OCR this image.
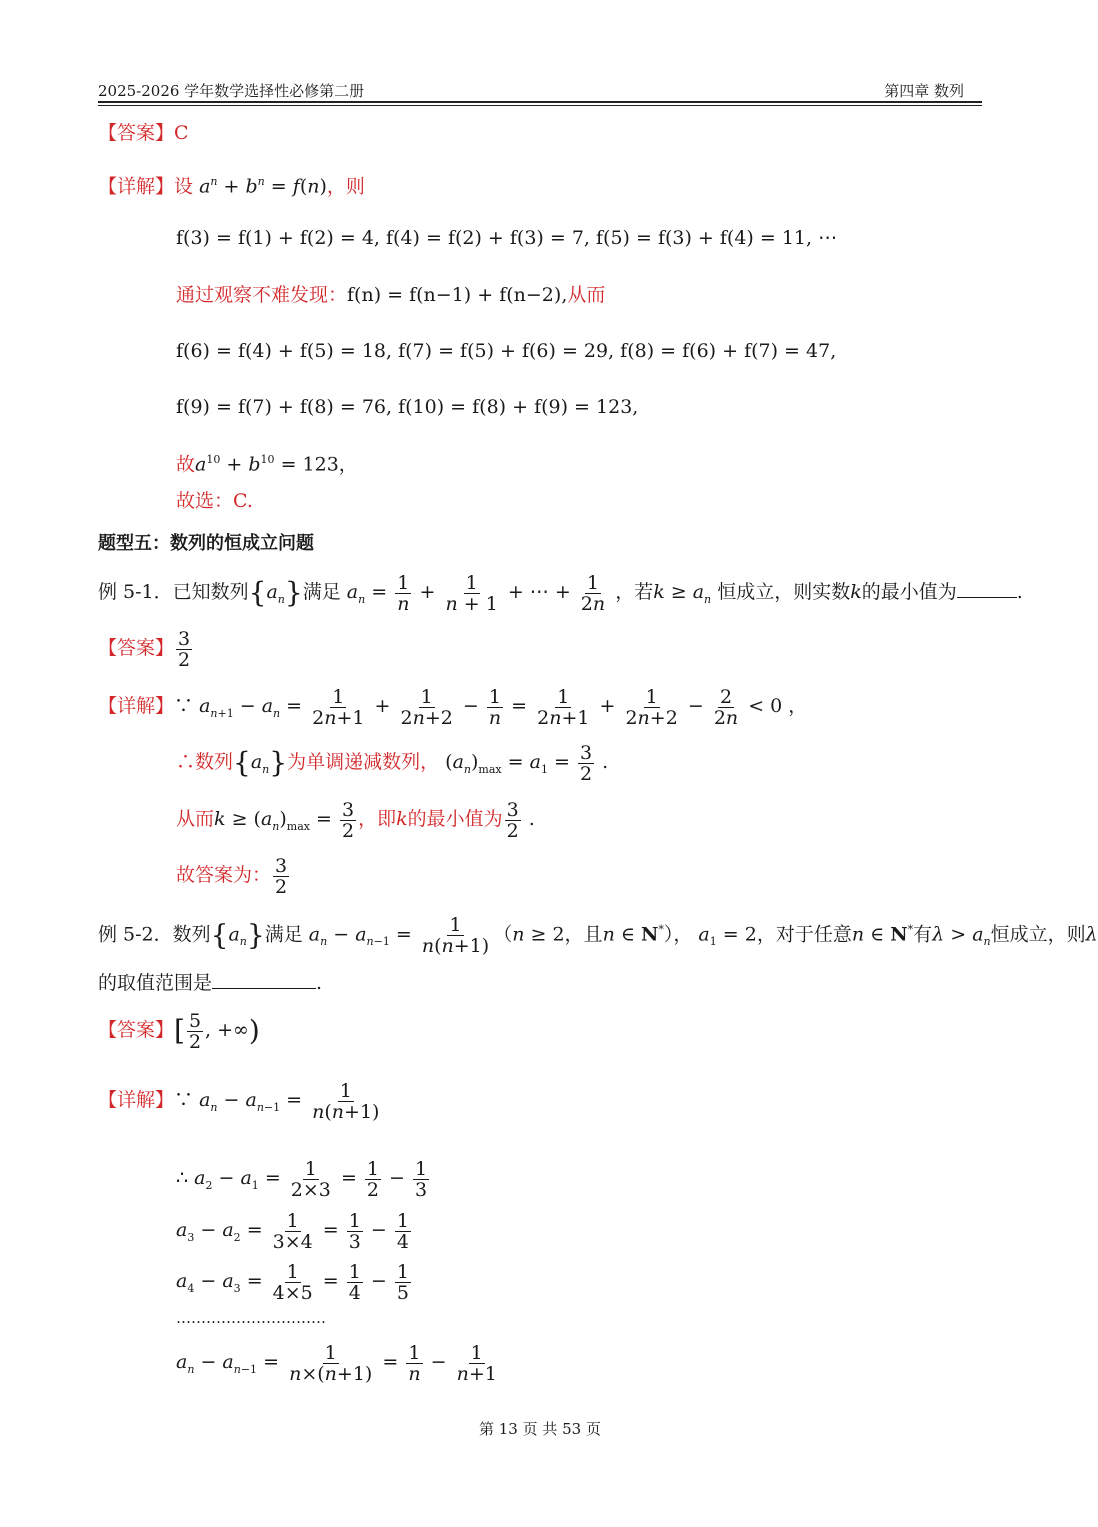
2025-2026 学年数学选择性必修第二册	第四章 数列
【答案】C
【详解】设 $a^n + b^n = f(n)$，则
f(3) = f(1) + f(2) = 4, f(4) = f(2) + f(3) = 7, f(5) = f(3) + f(4) = 11, ⋯
通过观察不难发现：f(n) = f(n−1) + f(n−2),从而
f(6) = f(4) + f(5) = 18, f(7) = f(5) + f(6) = 29, f(8) = f(6) + f(7) = 47,
f(9) = f(7) + f(8) = 76, f(10) = f(8) + f(9) = 123,
故$a^{10} + b^{10} = 123$，
故选：C.
题型五：数列的恒成立问题
例 5-1．已知数列$\{a_n\}$满足 $a_n = \frac{1}{n} + \frac{1}{n + 1}$ + ⋯ + $\frac{1}{2n}$ ，若$k \ge a_n$ 恒成立，则实数k的最小值为	.
【答案】 $\frac{3}{2}$
【详解】∵ $a_{n+1} - a_n = \frac{1}{2n+1} + \frac{1}{2n+2} - \frac{1}{n} = \frac{1}{2n+1} + \frac{1}{2n+2} - \frac{2}{2n} < 0$ ，
∴数列$\{a_n\}$为单调递减数列， $(a_n)_{max} = a_1 = \frac{3}{2}$ .
从而$k \ge (a_n)_{max} = \frac{3}{2}$ ，即k的最小值为 $\frac{3}{2}$ .
故答案为： $\frac{3}{2}$
例 5-2．数列$\{a_n\}$满足 $a_n - a_{n-1} = \frac{1}{n(n+1)} (n \ge 2$，且n ∈ N*）， $a_1 = 2$，对于任意n ∈ N*有$\lambda > a_n$恒成立，则λ
的取值范围是	.
【答案】[ $\frac{5}{2}$ , +∞)
【详解】∵ $a_n - a_{n-1} = \frac{1}{n(n+1)}$
∴ $a_2 - a_1 = \frac{1}{2\times 3} = \frac{1}{2} - \frac{1}{3}$
$a_3 - a_2 = \frac{1}{3\times 4} = \frac{1}{3} - \frac{1}{4}$
$a_4 - a_3 = \frac{1}{4\times 5} = \frac{1}{4} - \frac{1}{5}$
…………………………
$a_n - a_{n-1} = \frac{1}{n\times(n+1)} = \frac{1}{n} - \frac{1}{n+1}$
第 13 页 共 53 页
